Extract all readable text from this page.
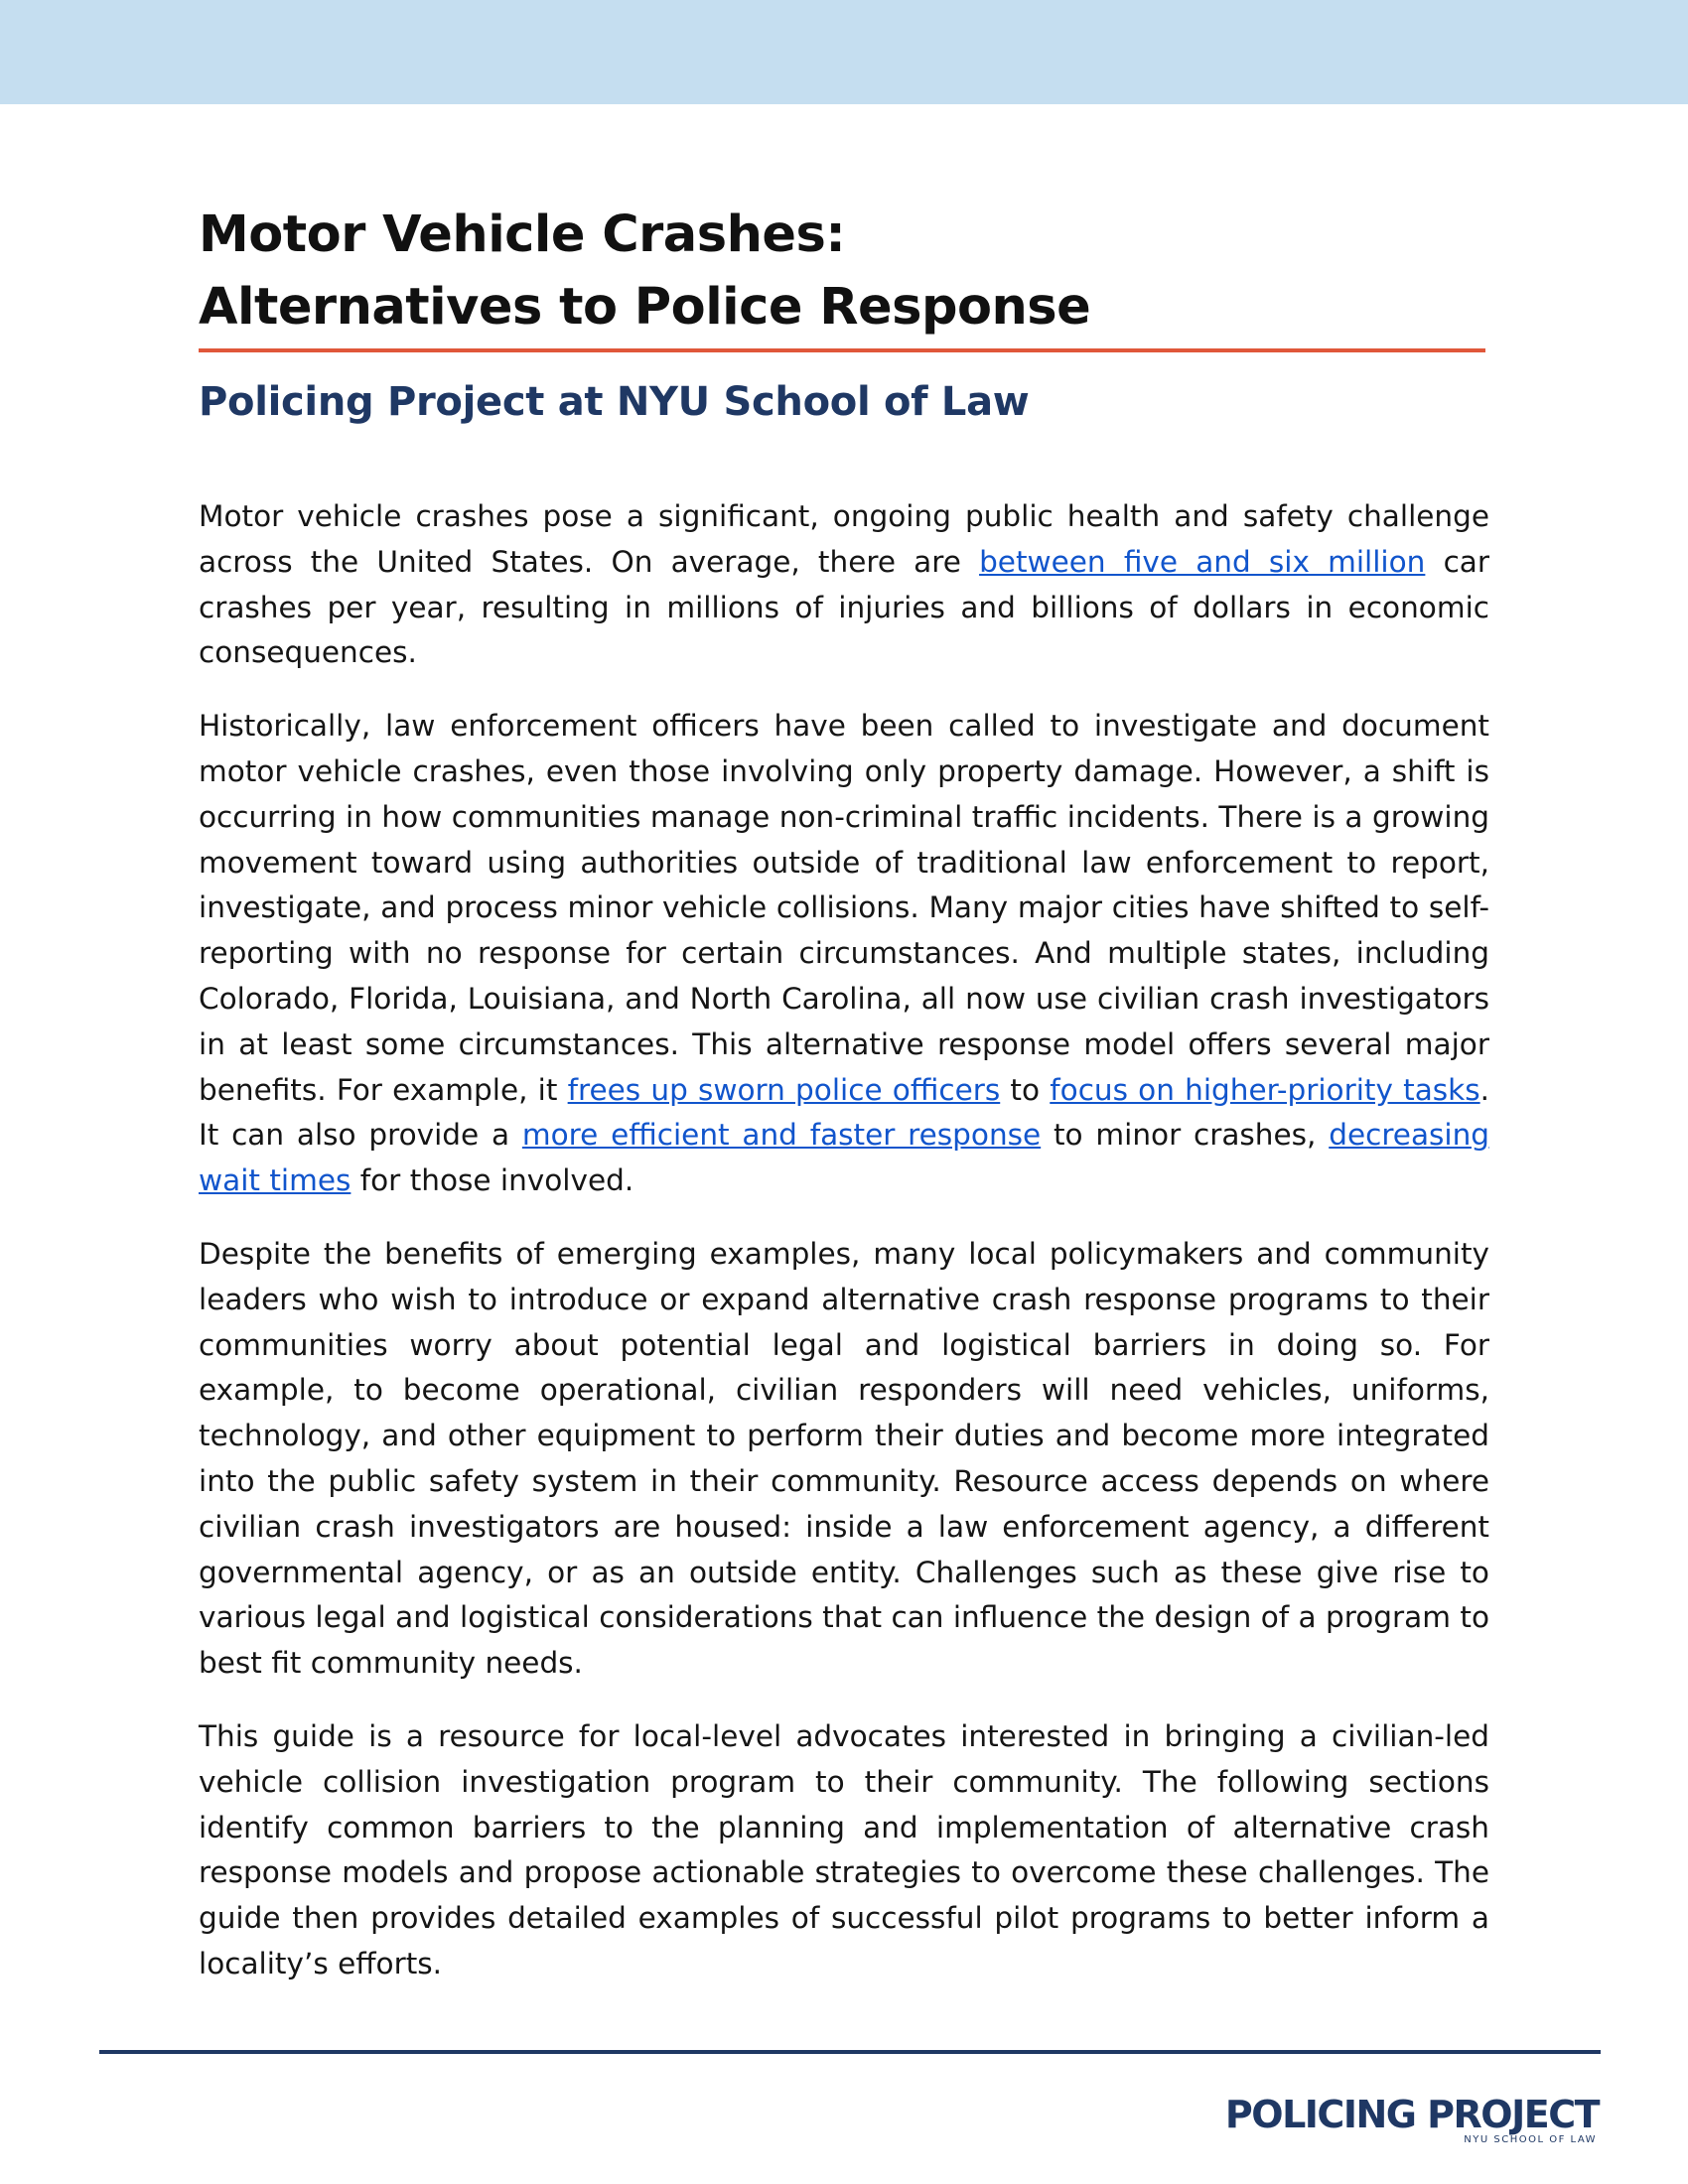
Motor Vehicle Crashes:
Alternatives to Police Response
Policing Project at NYU School of Law

Motor vehicle crashes pose a significant, ongoing public health and safety challenge across the United States. On average, there are between five and six million car crashes per year, resulting in millions of injuries and billions of dollars in economic consequences.

Historically, law enforcement officers have been called to investigate and document motor vehicle crashes, even those involving only property damage. However, a shift is occurring in how communities manage non-criminal traffic incidents. There is a growing movement toward using authorities outside of traditional law enforcement to report, investigate, and process minor vehicle collisions. Many major cities have shifted to self-reporting with no response for certain circumstances. And multiple states, including Colorado, Florida, Louisiana, and North Carolina, all now use civilian crash investigators in at least some circumstances. This alternative response model offers several major benefits. For example, it frees up sworn police officers to focus on higher-priority tasks. It can also provide a more efficient and faster response to minor crashes, decreasing wait times for those involved.

Despite the benefits of emerging examples, many local policymakers and community leaders who wish to introduce or expand alternative crash response programs to their communities worry about potential legal and logistical barriers in doing so. For example, to become operational, civilian responders will need vehicles, uniforms, technology, and other equipment to perform their duties and become more integrated into the public safety system in their community. Resource access depends on where civilian crash investigators are housed: inside a law enforcement agency, a different governmental agency, or as an outside entity. Challenges such as these give rise to various legal and logistical considerations that can influence the design of a program to best fit community needs.

This guide is a resource for local-level advocates interested in bringing a civilian-led vehicle collision investigation program to their community. The following sections identify common barriers to the planning and implementation of alternative crash response models and propose actionable strategies to overcome these challenges. The guide then provides detailed examples of successful pilot programs to better inform a locality’s efforts.

POLICING PROJECT
NYU SCHOOL OF LAW
